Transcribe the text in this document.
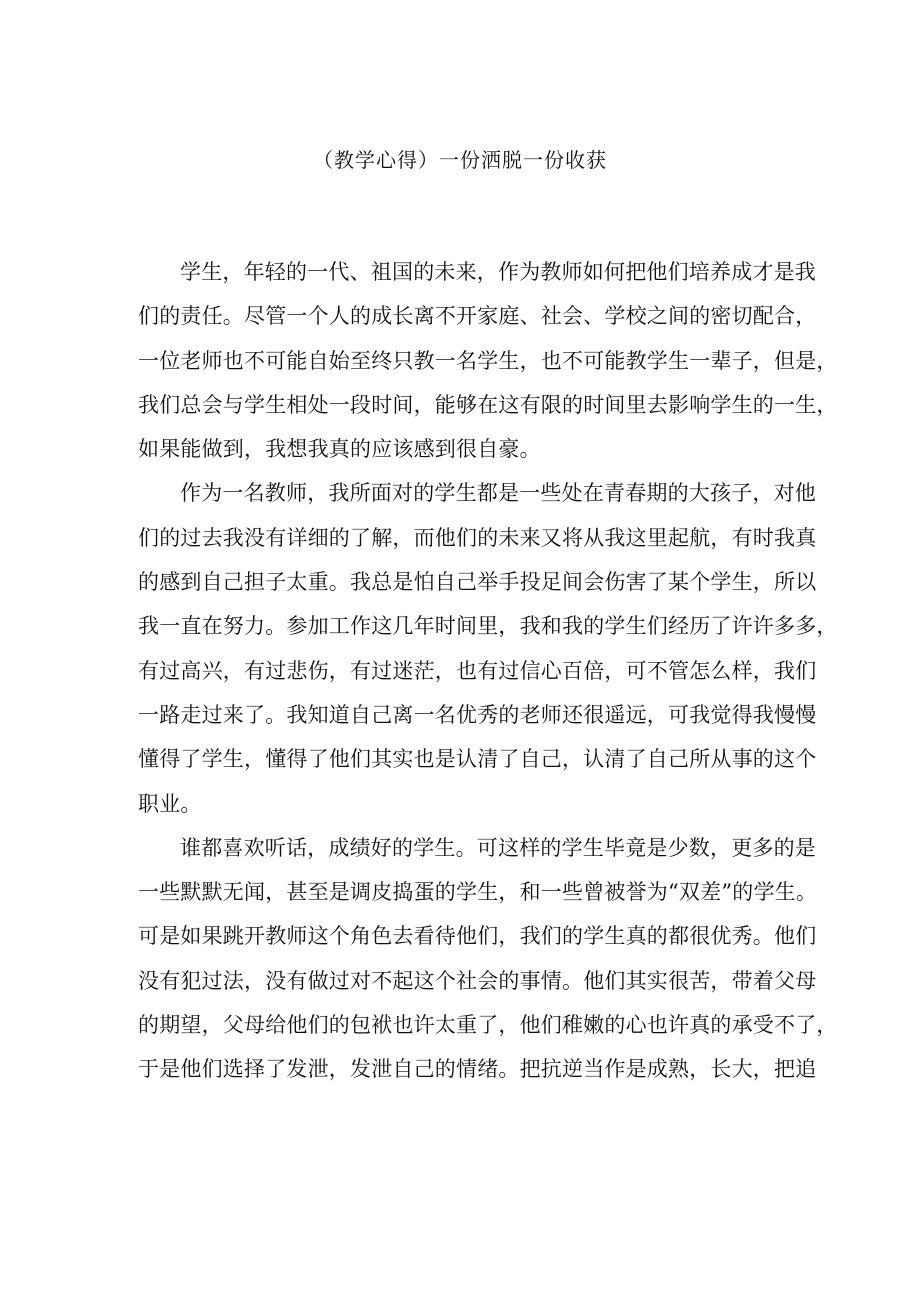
（教学心得）一份洒脱一份收获
学生，年轻的一代、祖国的未来，作为教师如何把他们培养成才是我
们的责任。尽管一个人的成长离不开家庭、社会、学校之间的密切配合，
一位老师也不可能自始至终只教一名学生，也不可能教学生一辈子，但是，
我们总会与学生相处一段时间，能够在这有限的时间里去影响学生的一生，
如果能做到，我想我真的应该感到很自豪。
作为一名教师，我所面对的学生都是一些处在青春期的大孩子，对他
们的过去我没有详细的了解，而他们的未来又将从我这里起航，有时我真
的感到自己担子太重。我总是怕自己举手投足间会伤害了某个学生，所以
我一直在努力。参加工作这几年时间里，我和我的学生们经历了许许多多，
有过高兴，有过悲伤，有过迷茫，也有过信心百倍，可不管怎么样，我们
一路走过来了。我知道自己离一名优秀的老师还很遥远，可我觉得我慢慢
懂得了学生，懂得了他们其实也是认清了自己，认清了自己所从事的这个
职业。
谁都喜欢听话，成绩好的学生。可这样的学生毕竟是少数，更多的是
一些默默无闻，甚至是调皮捣蛋的学生，和一些曾被誉为“双差”的学生。
可是如果跳开教师这个角色去看待他们，我们的学生真的都很优秀。他们
没有犯过法，没有做过对不起这个社会的事情。他们其实很苦，带着父母
的期望，父母给他们的包袱也许太重了，他们稚嫩的心也许真的承受不了，
于是他们选择了发泄，发泄自己的情绪。把抗逆当作是成熟，长大，把追
